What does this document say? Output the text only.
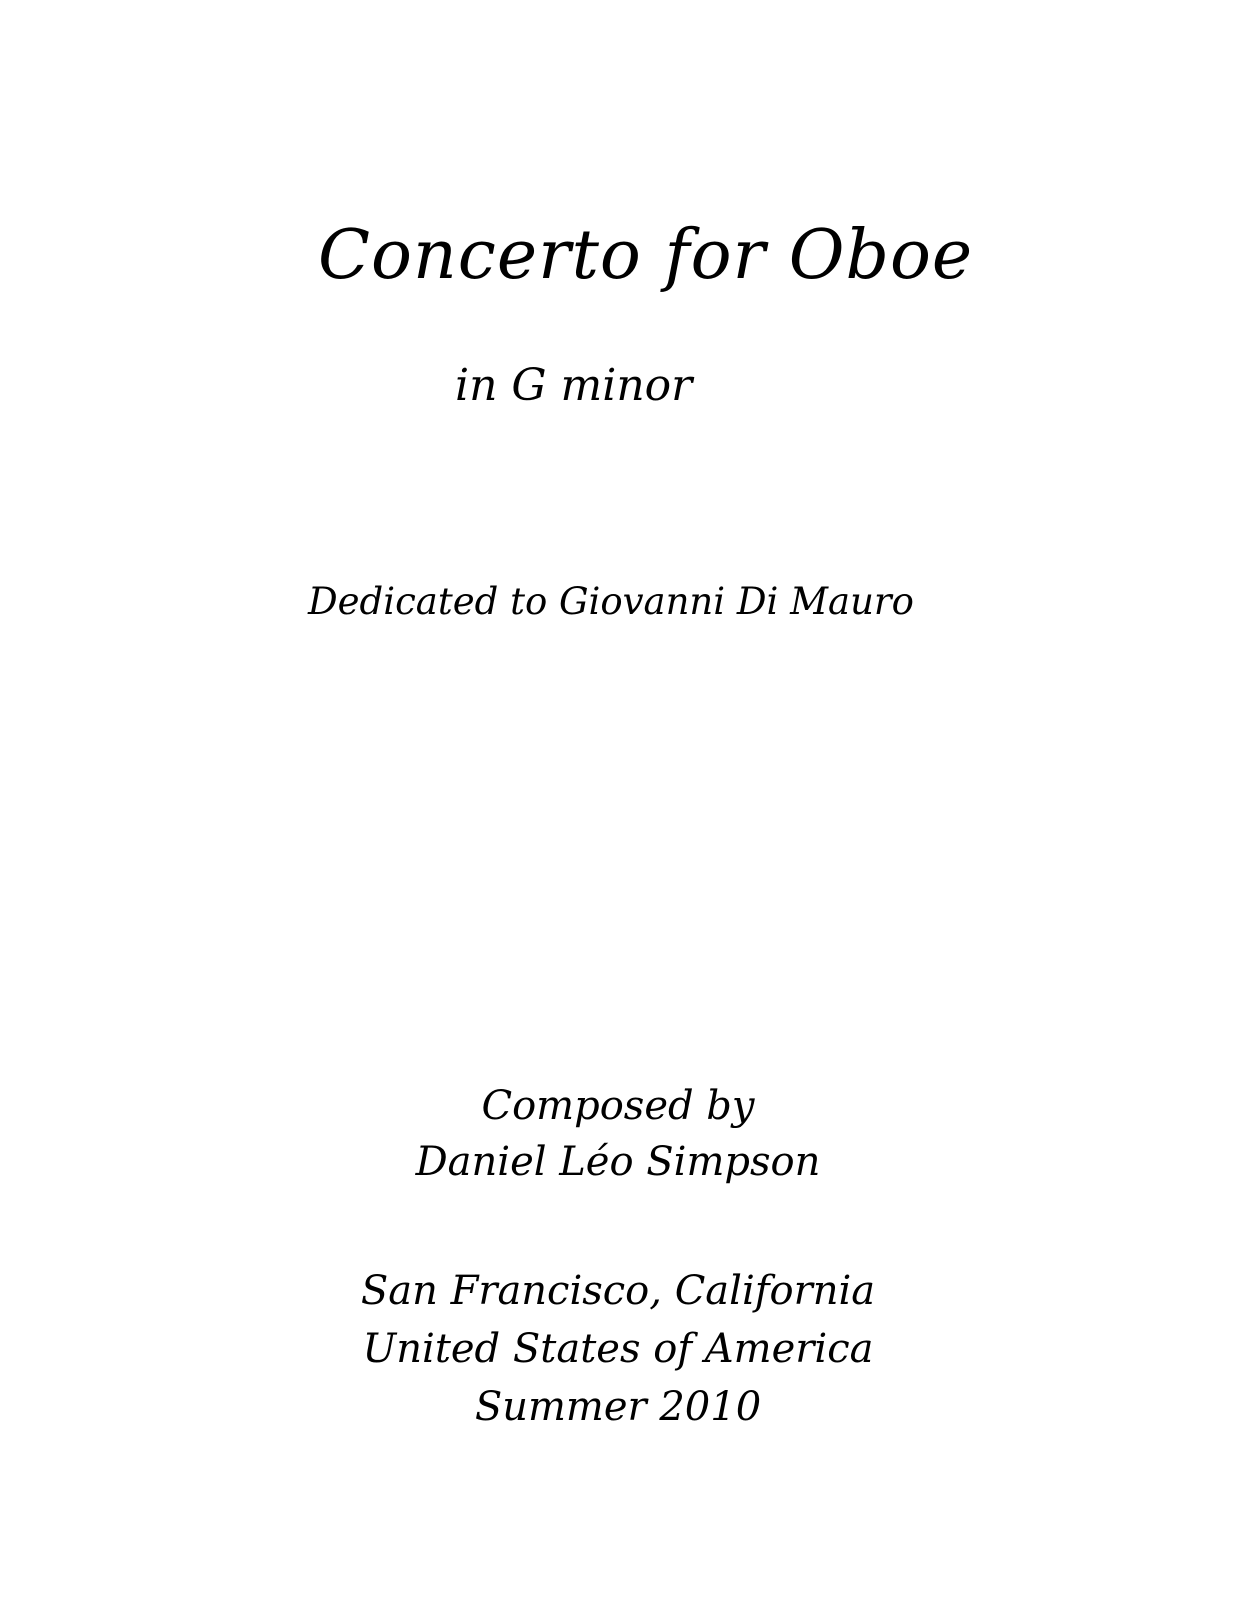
Concerto for Oboe
in G minor
Dedicated to Giovanni Di Mauro
Composed by
Daniel Léo Simpson
San Francisco, California
United States of America
Summer 2010
